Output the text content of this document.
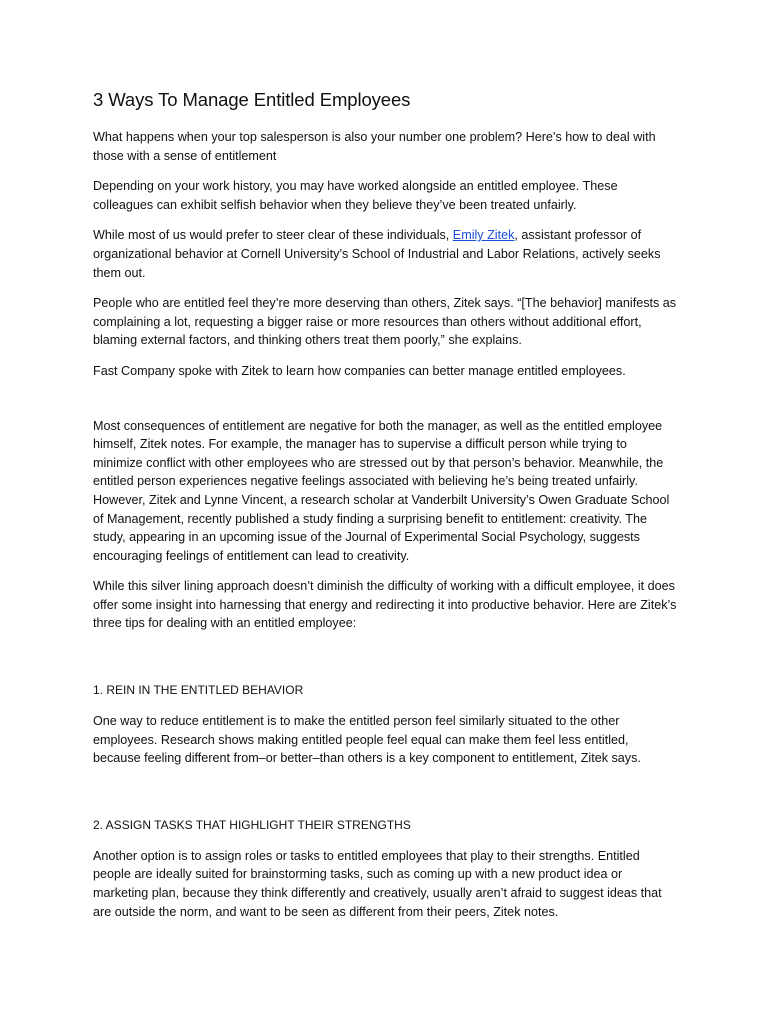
3 Ways To Manage Entitled Employees

What happens when your top salesperson is also your number one problem? Here’s how to deal with those with a sense of entitlement

Depending on your work history, you may have worked alongside an entitled employee. These colleagues can exhibit selfish behavior when they believe they’ve been treated unfairly.

While most of us would prefer to steer clear of these individuals, Emily Zitek, assistant professor of organizational behavior at Cornell University’s School of Industrial and Labor Relations, actively seeks them out.

People who are entitled feel they’re more deserving than others, Zitek says. “[The behavior] manifests as complaining a lot, requesting a bigger raise or more resources than others without additional effort, blaming external factors, and thinking others treat them poorly,” she explains.

Fast Company spoke with Zitek to learn how companies can better manage entitled employees.

Most consequences of entitlement are negative for both the manager, as well as the entitled employee himself, Zitek notes. For example, the manager has to supervise a difficult person while trying to minimize conflict with other employees who are stressed out by that person’s behavior. Meanwhile, the entitled person experiences negative feelings associated with believing he’s being treated unfairly. However, Zitek and Lynne Vincent, a research scholar at Vanderbilt University’s Owen Graduate School of Management, recently published a study finding a surprising benefit to entitlement: creativity. The study, appearing in an upcoming issue of the Journal of Experimental Social Psychology, suggests encouraging feelings of entitlement can lead to creativity.

While this silver lining approach doesn’t diminish the difficulty of working with a difficult employee, it does offer some insight into harnessing that energy and redirecting it into productive behavior. Here are Zitek’s three tips for dealing with an entitled employee:

1. REIN IN THE ENTITLED BEHAVIOR

One way to reduce entitlement is to make the entitled person feel similarly situated to the other employees. Research shows making entitled people feel equal can make them feel less entitled, because feeling different from–or better–than others is a key component to entitlement, Zitek says.

2. ASSIGN TASKS THAT HIGHLIGHT THEIR STRENGTHS

Another option is to assign roles or tasks to entitled employees that play to their strengths. Entitled people are ideally suited for brainstorming tasks, such as coming up with a new product idea or marketing plan, because they think differently and creatively, usually aren’t afraid to suggest ideas that are outside the norm, and want to be seen as different from their peers, Zitek notes.
